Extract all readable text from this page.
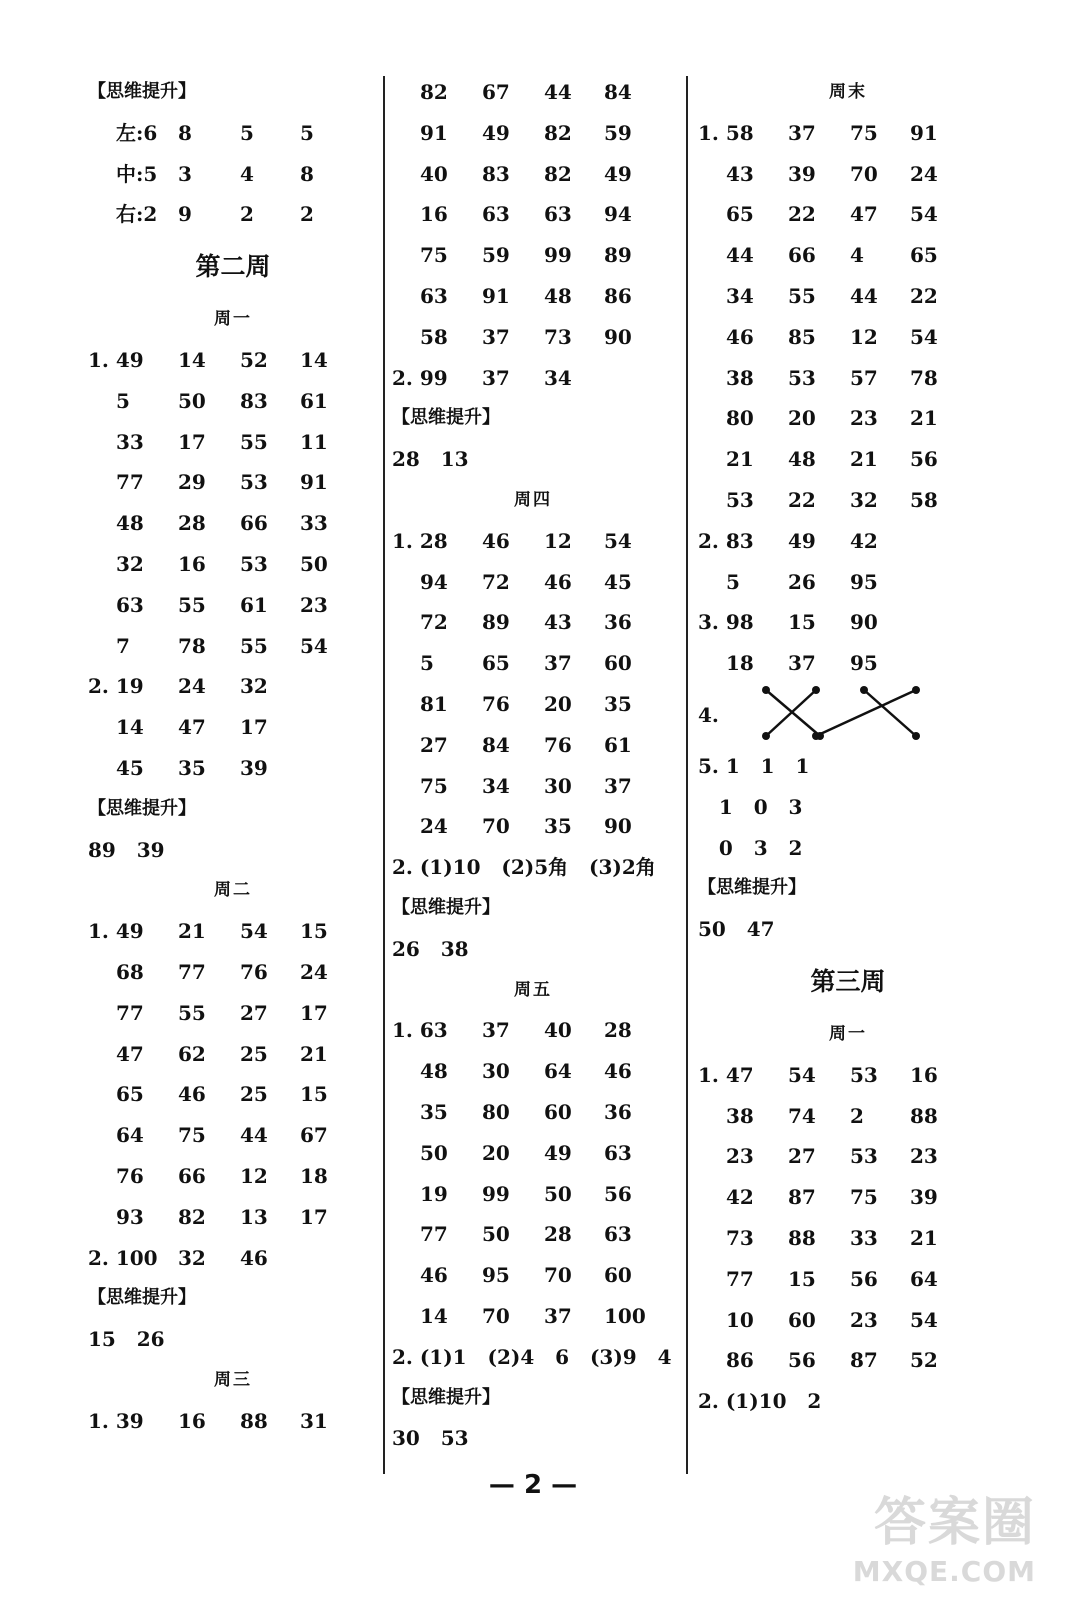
【思维提升】
左:6 8 5 5
中:5 3 4 8
右:2 9 2 2
第二周
周一
1. 49 14 52 14
5 50 83 61
33 17 55 11
77 29 53 91
48 28 66 33
32 16 53 50
63 55 61 23
7 78 55 54
2. 19 24 32
14 47 17
45 35 39
【思维提升】
89   39
周二
1. 49 21 54 15
68 77 76 24
77 55 27 17
47 62 25 21
65 46 25 15
64 75 44 67
76 66 12 18
93 82 13 17
2. 100 32 46
【思维提升】
15   26
周三
1. 39 16 88 31
82 67 44 84
91 49 82 59
40 83 82 49
16 63 63 94
75 59 99 89
63 91 48 86
58 37 73 90
2. 99 37 34
【思维提升】
28   13
周四
1. 28 46 12 54
94 72 46 45
72 89 43 36
5 65 37 60
81 76 20 35
27 84 76 61
75 34 30 37
24 70 35 90
2. (1)10   (2)5角   (3)2角
【思维提升】
26   38
周五
1. 63 37 40 28
48 30 64 46
35 80 60 36
50 20 49 63
19 99 50 56
77 50 28 63
46 95 70 60
14 70 37 100
2. (1)1   (2)4   6   (3)9   4
【思维提升】
30   53
周末
1. 58 37 75 91
43 39 70 24
65 22 47 54
44 66 4 65
34 55 44 22
46 85 12 54
38 53 57 78
80 20 23 21
21 48 21 56
53 22 32 58
2. 83 49 42
5 26 95
3. 98 15 90
18 37 95
4.
5. 1   1   1
1   0   3
0   3   2
【思维提升】
50   47
第三周
周一
1. 47 54 53 16
38 74 2 88
23 27 53 23
42 87 75 39
73 88 33 21
77 15 56 64
10 60 23 54
86 56 87 52
2. (1)10   2
— 2 —
答案圈
MXQE.COM
